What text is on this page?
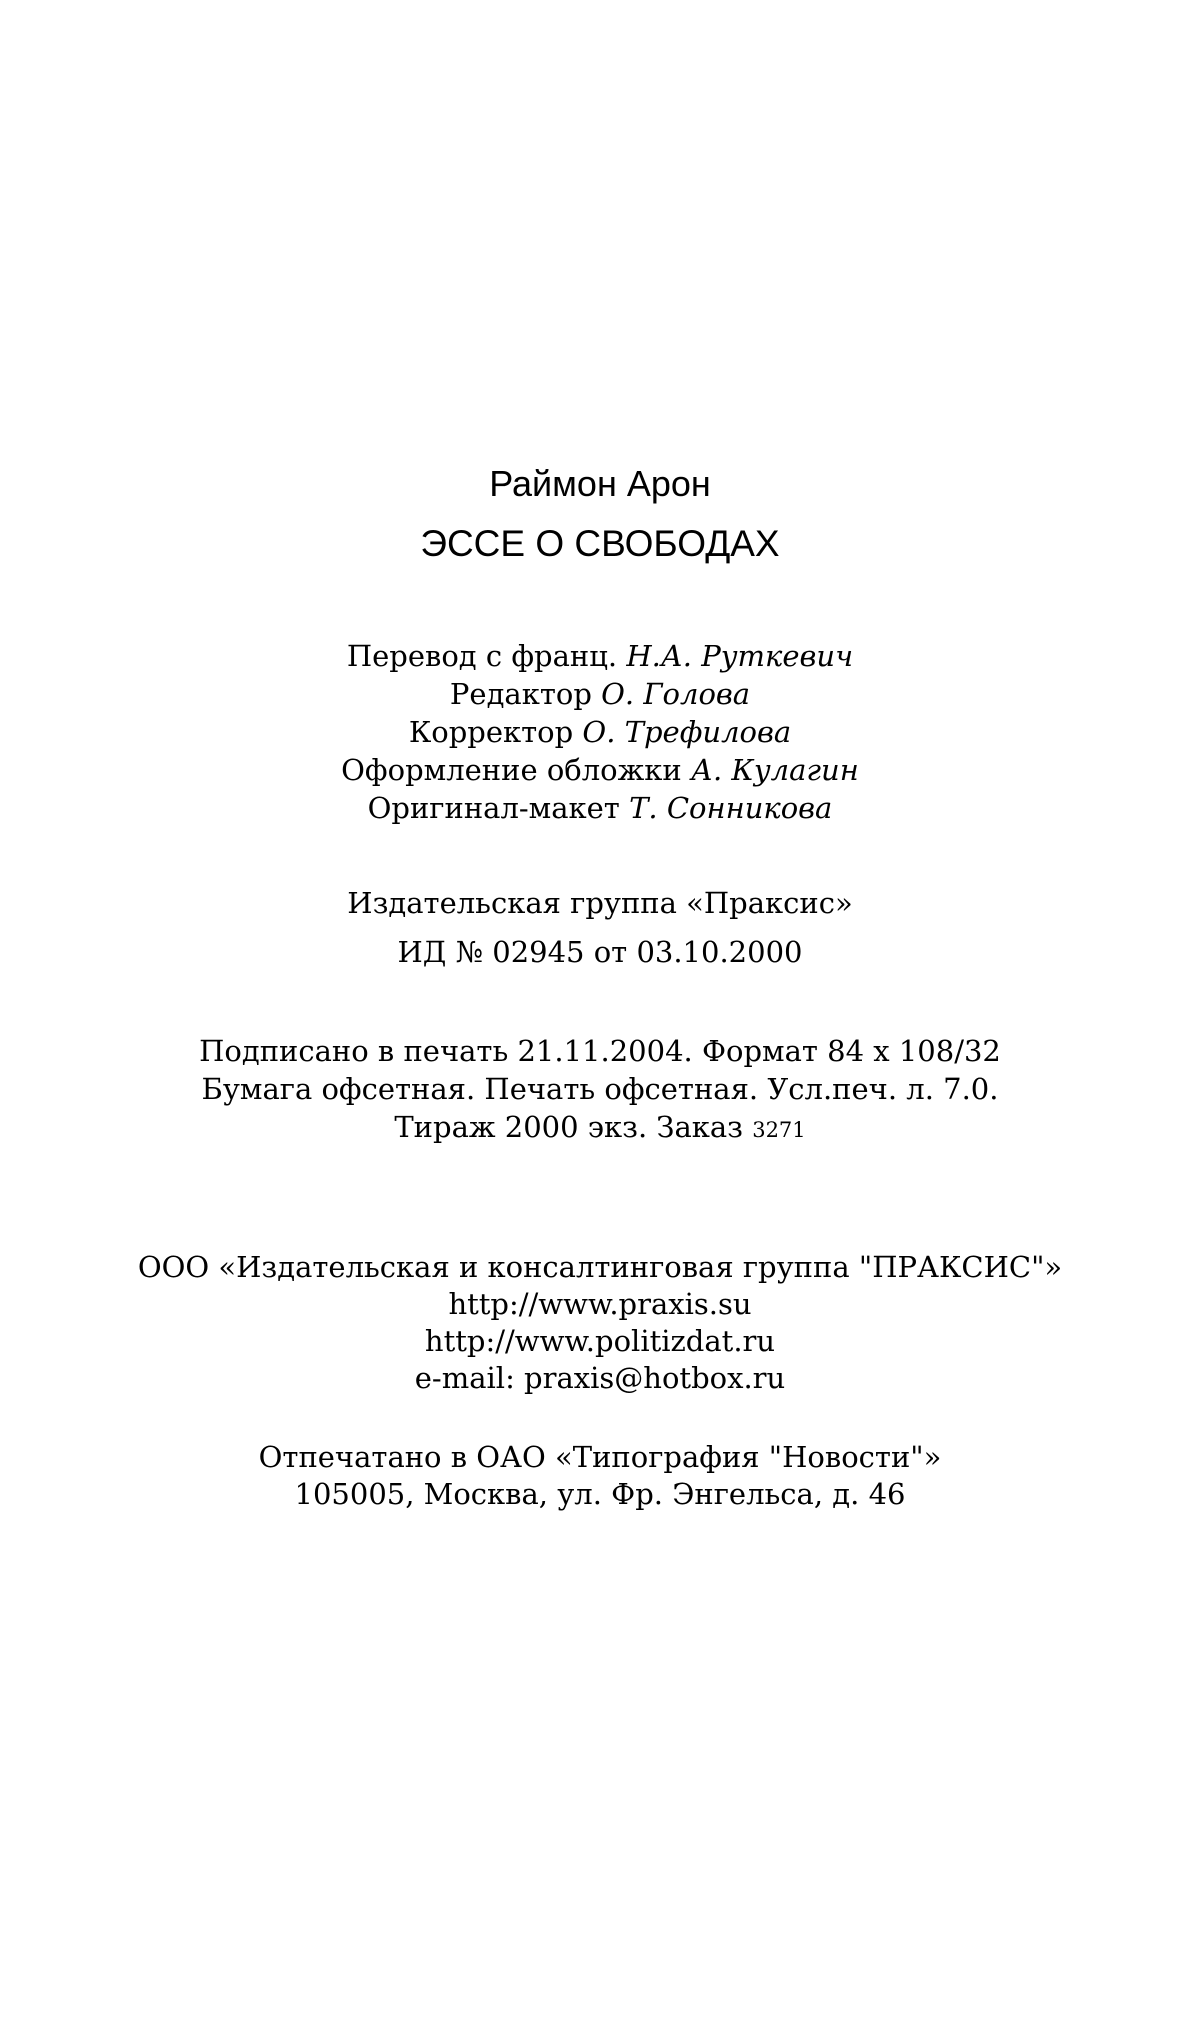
Раймон Арон
ЭССЕ О СВОБОДАХ
Перевод с франц. Н.А. Руткевич
Редактор О. Голова
Корректор О. Трефилова
Оформление обложки А. Кулагин
Оригинал-макет Т. Сонникова
Издательская группа «Праксис»
ИД № 02945 от 03.10.2000
Подписано в печать 21.11.2004. Формат 84 x 108/32
Бумага офсетная. Печать офсетная. Усл.печ. л. 7.0.
Тираж 2000 экз. Заказ 3271
ООО «Издательская и консалтинговая группа "ПРАКСИС"»
http://www.praxis.su
http://www.politizdat.ru
e-mail: praxis@hotbox.ru
Отпечатано в ОАО «Типография "Новости"»
105005, Москва, ул. Фр. Энгельса, д. 46
